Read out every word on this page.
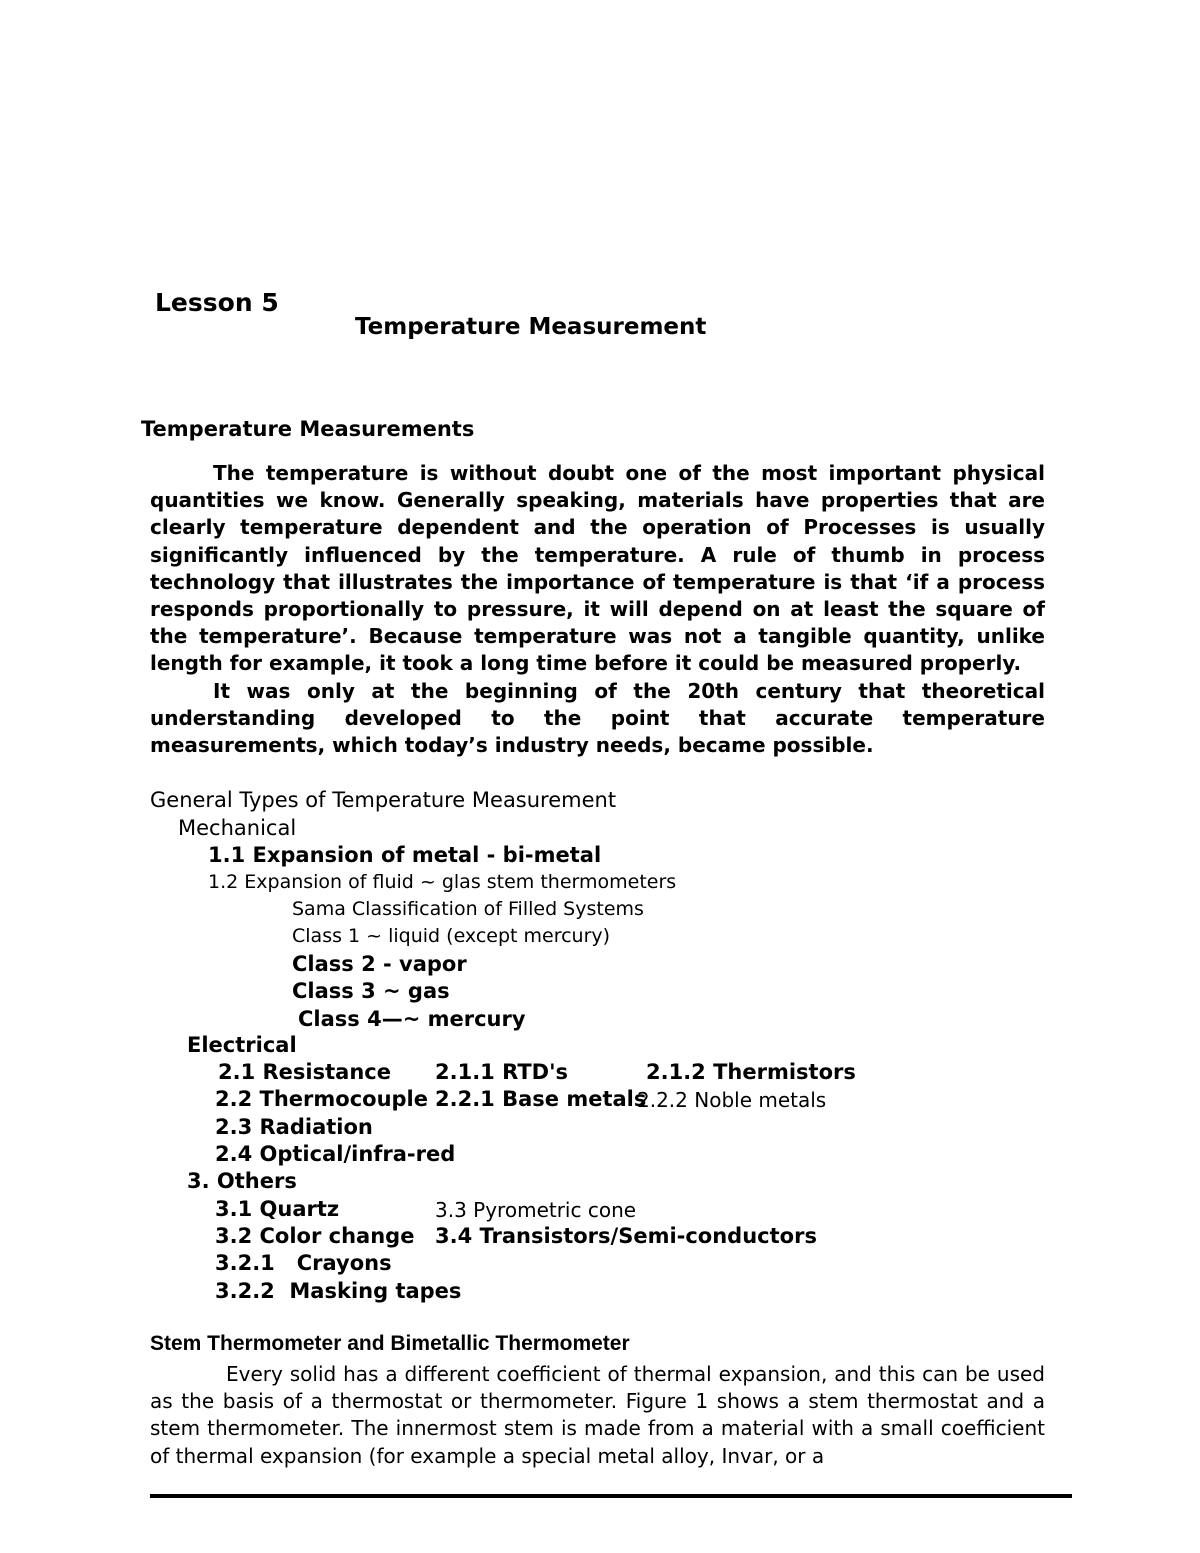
Lesson 5
Temperature Measurement
Temperature Measurements

The temperature is without doubt one of the most important physical quantities we know. Generally speaking, materials have properties that are clearly temperature dependent and the operation of Processes is usually significantly influenced by the temperature. A rule of thumb in process technology that illustrates the importance of temperature is that ‘if a process responds proportionally to pressure, it will depend on at least the square of the temperature’. Because temperature was not a tangible quantity, unlike length for example, it took a long time before it could be measured properly.

It was only at the beginning of the 20th century that theoretical understanding developed to the point that accurate temperature measurements, which today’s industry needs, became possible.

General Types of Temperature Measurement
Mechanical
1.1 Expansion of metal - bi-metal
1.2 Expansion of fluid ~ glas stem thermometers
Sama Classification of Filled Systems
Class 1 ~ liquid (except mercury)
Class 2 - vapor
Class 3 ~ gas
Class 4—~ mercury
Electrical
2.1 Resistance 2.1.1 RTD's	2.1.2 Thermistors
2.2 Thermocouple 2.2.1 Base metals
2.2.2 Noble metals
2.3 Radiation
2.4 Optical/infra-red
3. Others
3.1 Quartz	3.3 Pyrometric cone
3.2 Color change 3.4 Transistors/Semi-conductors
3.2.1   Crayons
3.2.2  Masking tapes
Stem Thermometer and Bimetallic Thermometer

Every solid has a different coefficient of thermal expansion, and this can be used as the basis of a thermostat or thermometer. Figure 1 shows a stem thermostat and a stem thermometer. The innermost stem is made from a material with a small coefficient of thermal expansion (for example a special metal alloy, Invar, or a
